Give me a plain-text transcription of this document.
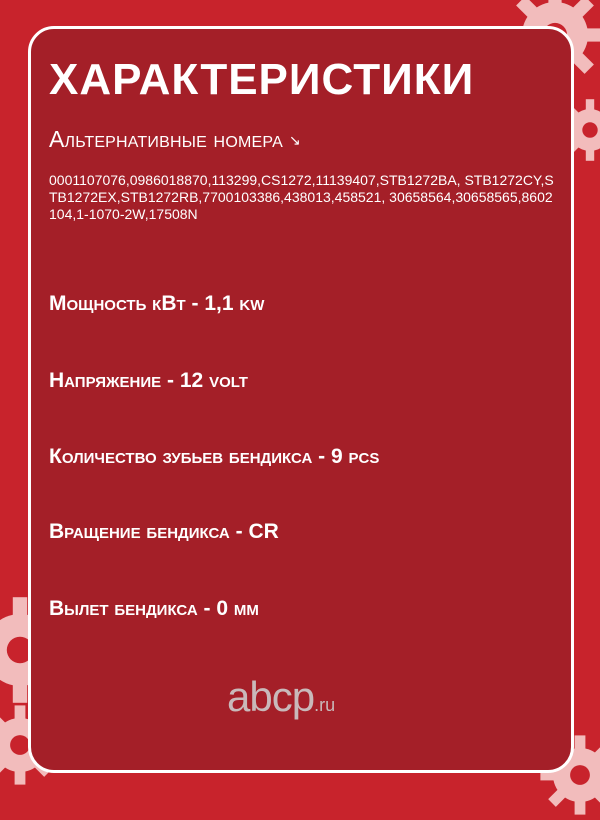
ХАРАКТЕРИСТИКИ
Альтернативные номера ↘
0001107076,0986018870,113299,CS1272,11139407,STB1272BA, STB1272CY,STB1272EX,STB1272RB,7700103386,438013,458521, 30658564,30658565,8602104,1-1070-2W,17508N
Мощность кВт - 1,1 kw
Напряжение - 12 volt
Количество зубьев бендикса - 9 pcs
Вращение бендикса - CR
Вылет бендикса - 0 мм
abcp.ru
